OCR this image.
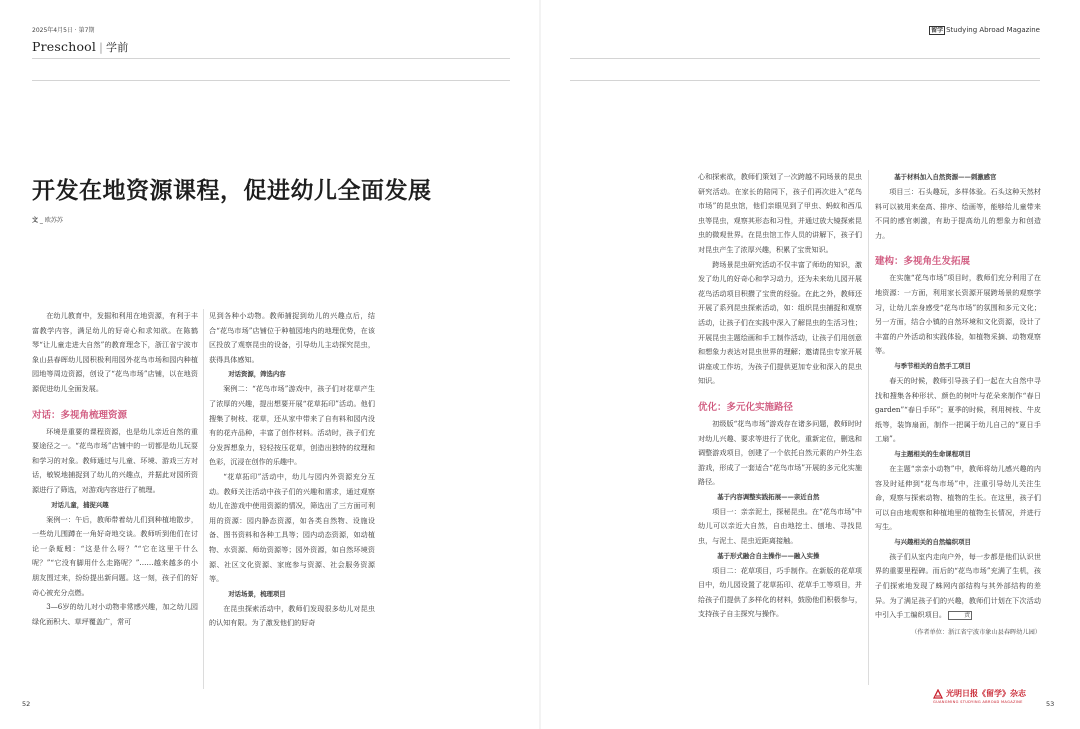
2025年4月5日 · 第7期
Preschool | 学前
开发在地资源课程，促进幼儿全面发展
文 _ 欧苏苏

在幼儿教育中，发掘和利用在地资源，有利于丰富教学内容，满足幼儿的好奇心和求知欲。在陈鹤琴“让儿童走进大自然”的教育理念下，浙江省宁波市象山县春晖幼儿园积极利用园外花鸟市场和园内种植园地等周边资源，创设了“花鸟市场”店铺，以在地资源促进幼儿全面发展。

对话：多视角梳理资源

环境是重要的课程资源，也是幼儿亲近自然的重要途径之一。“花鸟市场”店铺中的一切都是幼儿玩耍和学习的对象。教师通过与儿童、环境、游戏三方对话，敏锐地捕捉到了幼儿的兴趣点，并据此对园所资源进行了筛选，对游戏内容进行了梳理。

对话儿童，捕捉兴趣

案例一：午后，教师带着幼儿们到种植地散步，一些幼儿围蹲在一角好奇地交谈。教师听到他们在讨论一条蚯蚓：“这是什么呀？”“它在这里干什么呢？”“它没有脚用什么走路呢？”……越来越多的小朋友围过来，纷纷提出新问题。这一刻，孩子们的好奇心被充分点燃。

3—6岁的幼儿对小动物非常感兴趣，加之幼儿园绿化面积大、草坪覆盖广，常可

见到各种小动物。教师捕捉到幼儿的兴趣点后，结合“花鸟市场”店铺位于种植园地内的地理优势，在该区投放了观察昆虫的设备，引导幼儿主动探究昆虫，获得具体感知。

对话资源，筛选内容

案例二：“花鸟市场”游戏中，孩子们对花草产生了浓厚的兴趣，提出想要开展“花草拓印”活动。他们搜集了树枝、花草，还从家中带来了自有料和园内没有的花卉品种，丰富了创作材料。活动时，孩子们充分发挥想象力，轻轻按压花草，创造出独特的纹理和色彩，沉浸在创作的乐趣中。

“花草拓印”活动中，幼儿与园内外资源充分互动。教师关注活动中孩子们的兴趣和需求，通过观察幼儿在游戏中使用资源的情况，筛选出了三方面可利用的资源：园内静态资源，如各类自然物、设施设备、图书资料和各种工具等；园内动态资源，如动植物、水资源、师幼资源等；园外资源，如自然环境资源、社区文化资源、家庭参与资源、社会服务资源等。

对话场景，梳理项目

在昆虫探索活动中，教师们发现很多幼儿对昆虫的认知有限。为了激发他们的好奇

52	53
留学 Studying Abroad Magazine

心和探索欲，教师们策划了一次跨越不同场景的昆虫研究活动。在家长的陪同下，孩子们再次进入“花鸟市场”的昆虫馆，他们亲眼见到了甲虫、蚂蚁和西瓜虫等昆虫，观察其形态和习性，并通过放大镜探索昆虫的微观世界。在昆虫馆工作人员的讲解下，孩子们对昆虫产生了浓厚兴趣，积累了宝贵知识。

跨场景昆虫研究活动不仅丰富了师幼的知识，激发了幼儿的好奇心和学习动力，还为未来幼儿园开展花鸟活动项目积攒了宝贵的经验。在此之外，教师还开展了系列昆虫探索活动，如：组织昆虫捕捉和观察活动，让孩子们在实践中深入了解昆虫的生活习性；开展昆虫主题绘画和手工制作活动，让孩子们用创意和想象力表达对昆虫世界的理解；邀请昆虫专家开展讲座或工作坊，为孩子们提供更加专业和深入的昆虫知识。

优化：多元化实施路径

初级版“花鸟市场”游戏存在诸多问题，教师时时对幼儿兴趣、要求等进行了优化，重新定位，删选和调整游戏项目，创建了一个依托自然元素的户外生态游戏，形成了一套适合“花鸟市场”开展的多元化实施路径。

基于内容调整实践拓展——亲近自然

项目一：亲亲泥土，探秘昆虫。在“花鸟市场”中幼儿可以亲近大自然，自由地挖土、刨地、寻找昆虫，与泥土、昆虫近距离接触。

基于形式融合自主操作——融入实操

项目二：花草项目，巧手制作。在新版的花草项目中，幼儿园设置了花草拓印、花草手工等项目，并给孩子们提供了多样化的材料，鼓励他们积极参与，支持孩子自主探究与操作。

基于材料加入自然资源——刺激感官

项目三：石头趣玩，多样体验。石头这种天然材料可以被用来垒高、排序、绘画等，能够给儿童带来不同的感官刺激，有助于提高幼儿的想象力和创造力。

建构：多视角生发拓展

在实施“花鸟市场”项目时，教师们充分利用了在地资源：一方面，利用家长资源开展跨场景的观察学习，让幼儿亲身感受“花鸟市场”的氛围和多元文化；另一方面，结合小镇的自然环境和文化资源，设计了丰富的户外活动和实践体验，如植物采摘、动物观察等。

与季节相关的自然手工项目

春天的时候，教师引导孩子们一起在大自然中寻找和搜集各种形状、颜色的树叶与花朵来制作“春日garden”“春日手环”；夏季的时候，利用树枝、牛皮纸等，装饰扇面，制作一把属于幼儿自己的“夏日手工扇”。

与主题相关的生命课程项目

在主题“亲亲小动物”中，教师将幼儿感兴趣的内容及时延伸到“花鸟市场”中，注重引导幼儿关注生命，观察与探索动物、植物的生长。在这里，孩子们可以自由地观察和种植地里的植物生长情况，并进行写生。

与兴趣相关的自然编织项目

孩子们从室内走向户外，每一步都是他们认识世界的重要里程碑。而后的“花鸟市场”充满了生机，孩子们探索地发现了蛛网内部结构与其外部结构的差异。为了满足孩子们的兴趣，教师们计划在下次活动中引入手工编织项目。	责

（作者单位：浙江省宁波市象山县春晖幼儿园）

光明日报《留学》杂志
GUANGMING STUDYING ABROAD MAGAZINE
